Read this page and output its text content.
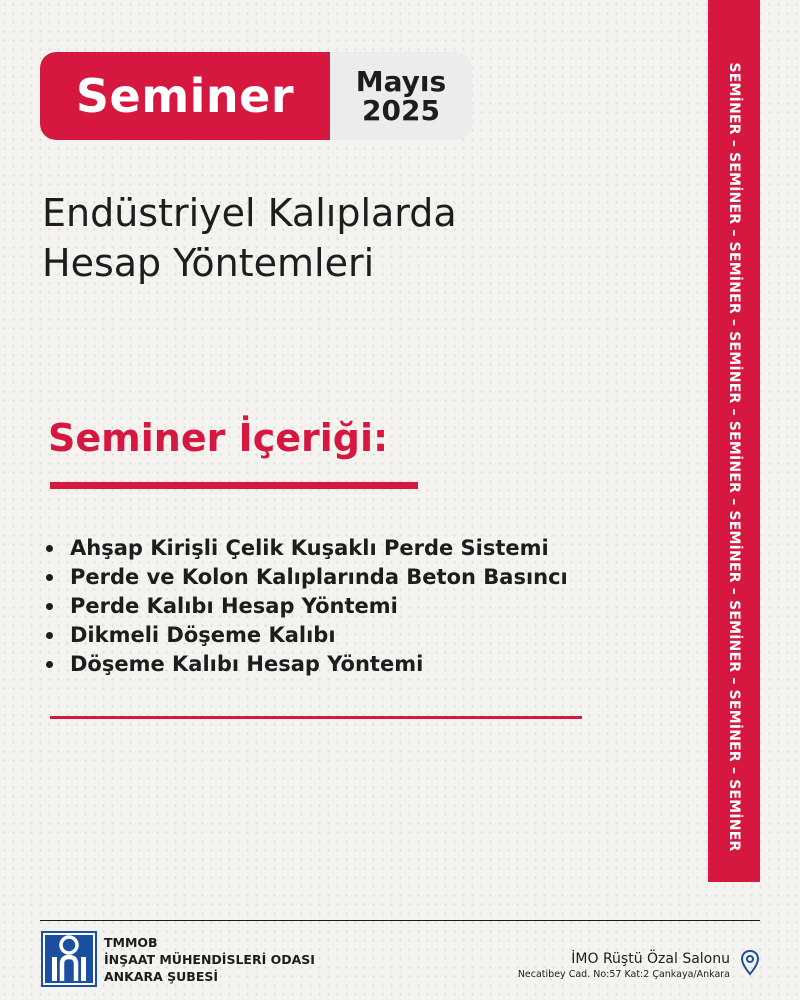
Seminer Mayıs
2025
Endüstriyel Kalıplarda
Hesap Yöntemleri
Seminer İçeriği:
Ahşap Kirişli Çelik Kuşaklı Perde Sistemi
Perde ve Kolon Kalıplarında Beton Basıncı
Perde Kalıbı Hesap Yöntemi
Dikmeli Döşeme Kalıbı
Döşeme Kalıbı Hesap Yöntemi	SEMİNER – SEMİNER – SEMİNER – SEMİNER – SEMİNER – SEMİNER – SEMİNER – SEMİNER – SEMİNER
TMMOB
İNŞAAT MÜHENDİSLERİ ODASI
ANKARA ŞUBESİ
İMO Rüştü Özal Salonu
Necatibey Cad. No:57 Kat:2 Çankaya/Ankara
